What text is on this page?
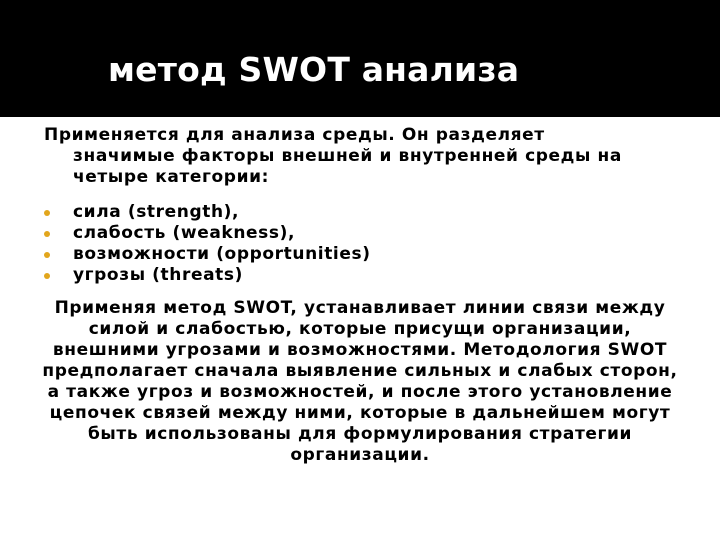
метод SWOT анализа

Применяется для анализа среды. Он разделяет
значимые факторы внешней и внутренней среды на четыре категории:

сила (strength),
слабость (weakness),
возможности (opportunities)
угрозы (threats)

Применяя метод SWOT, устанавливает линии связи между силой и слабостью, которые присущи организации, внешними угрозами и возможностями. Методология SWOT предполагает сначала выявление сильных и слабых сторон, а также угроз и возможностей, и после этого установление цепочек связей между ними, которые в дальнейшем могут быть использованы для формулирования стратегии организации.
